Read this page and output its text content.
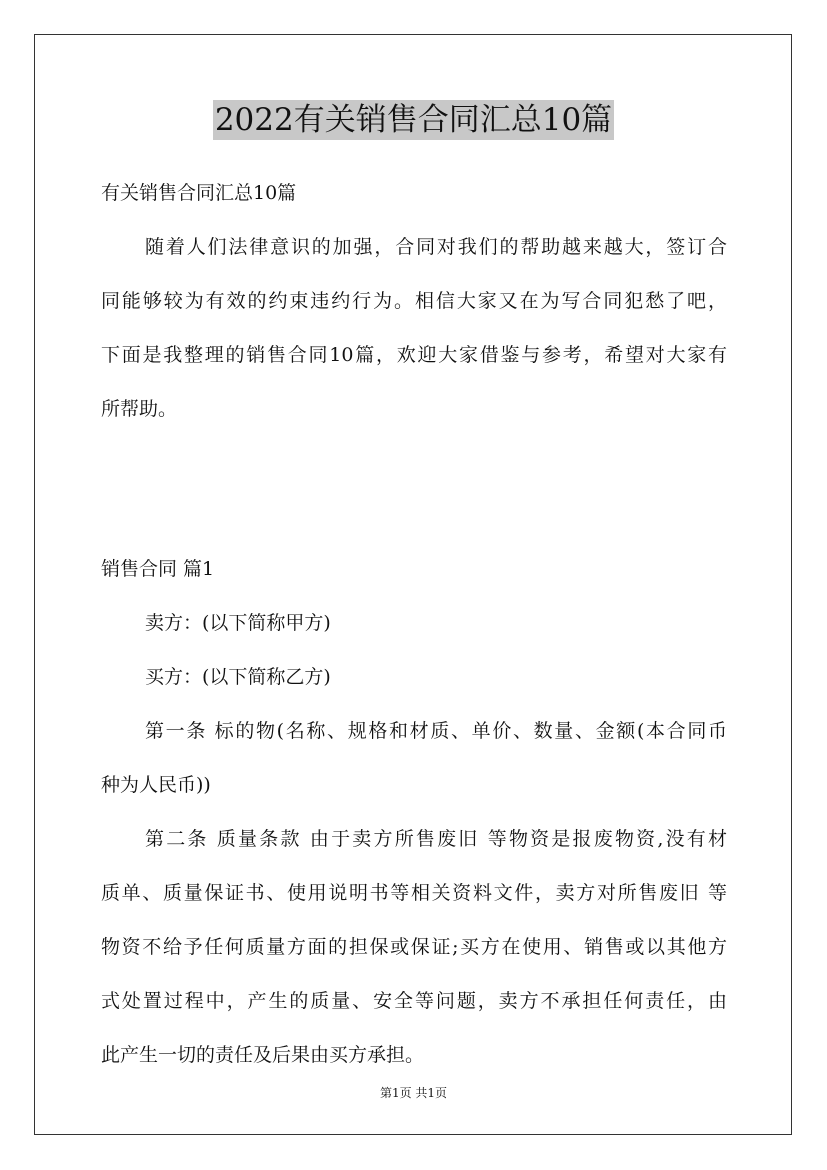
2022有关销售合同汇总10篇
有关销售合同汇总10篇
随着人们法律意识的加强，合同对我们的帮助越来越大，签订合
同能够较为有效的约束违约行为。相信大家又在为写合同犯愁了吧，
下面是我整理的销售合同10篇，欢迎大家借鉴与参考，希望对大家有
所帮助。
销售合同 篇1
卖方：(以下简称甲方)
买方：(以下简称乙方)
第一条 标的物(名称、规格和材质、单价、数量、金额(本合同币
种为人民币))
第二条 质量条款 由于卖方所售废旧 等物资是报废物资,没有材
质单、质量保证书、使用说明书等相关资料文件，卖方对所售废旧 等
物资不给予任何质量方面的担保或保证;买方在使用、销售或以其他方
式处置过程中，产生的质量、安全等问题，卖方不承担任何责任，由
此产生一切的责任及后果由买方承担。
第1页 共1页
